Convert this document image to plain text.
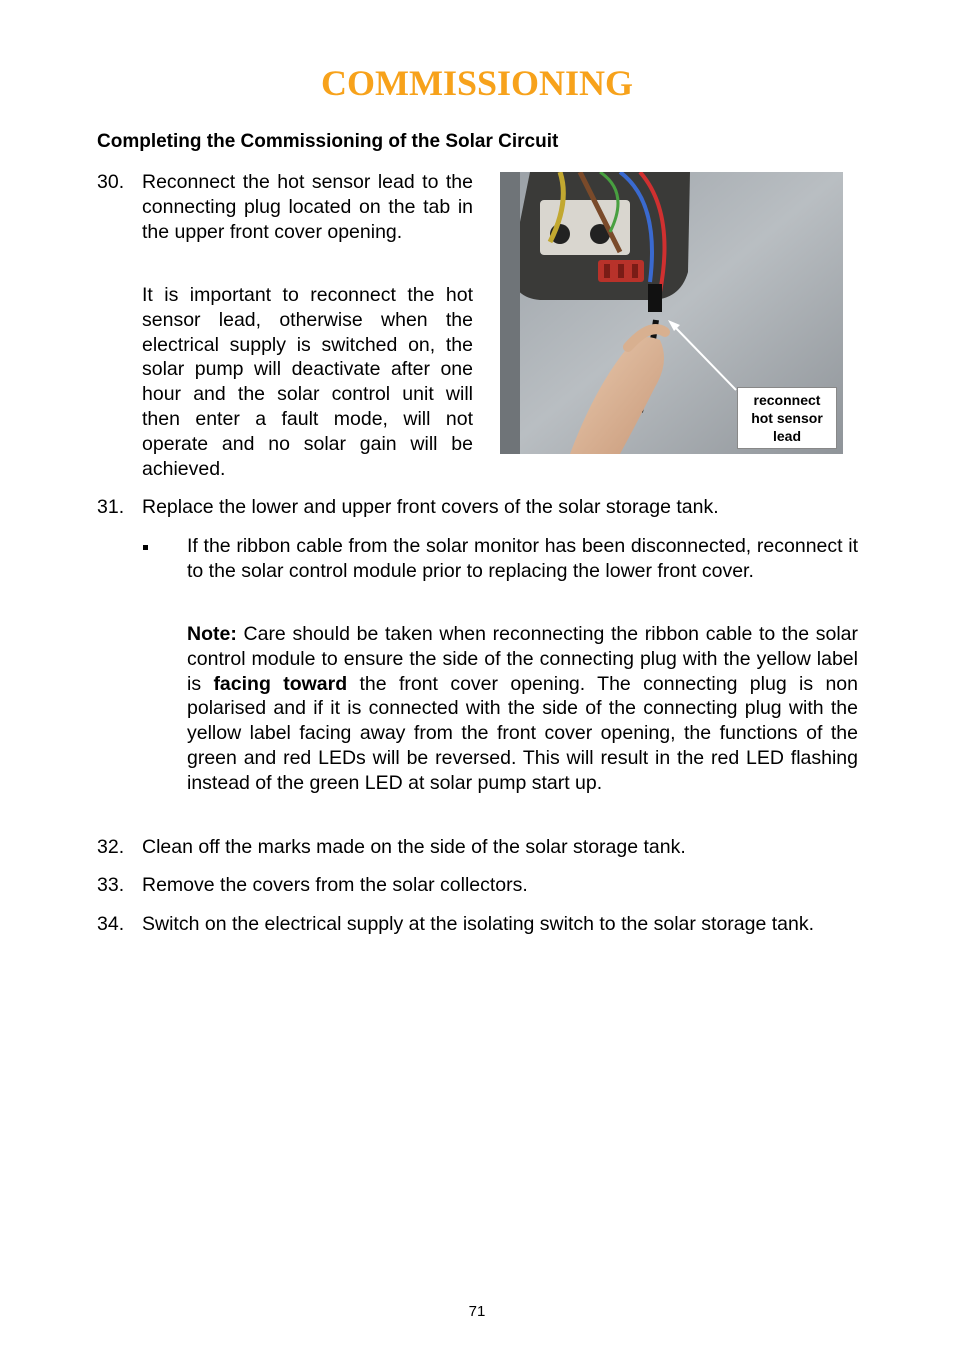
COMMISSIONING
Completing the Commissioning of the Solar Circuit
30. Reconnect the hot sensor lead to the connecting plug located on the tab in the upper front cover opening.

It is important to reconnect the hot sensor lead, otherwise when the electrical supply is switched on, the solar pump will deactivate after one hour and the solar control unit will then enter a fault mode, will not operate and no solar gain will be achieved.

reconnect
hot sensor
lead
31. Replace the lower and upper front covers of the solar storage tank.

If the ribbon cable from the solar monitor has been disconnected, reconnect it to the solar control module prior to replacing the lower front cover.

Note: Care should be taken when reconnecting the ribbon cable to the solar control module to ensure the side of the connecting plug with the yellow label is facing toward the front cover opening. The connecting plug is non polarised and if it is connected with the side of the connecting plug with the yellow label facing away from the front cover opening, the functions of the green and red LEDs will be reversed. This will result in the red LED flashing instead of the green LED at solar pump start up.

32. Clean off the marks made on the side of the solar storage tank.

33. Remove the covers from the solar collectors.

34. Switch on the electrical supply at the isolating switch to the solar storage tank.

71
